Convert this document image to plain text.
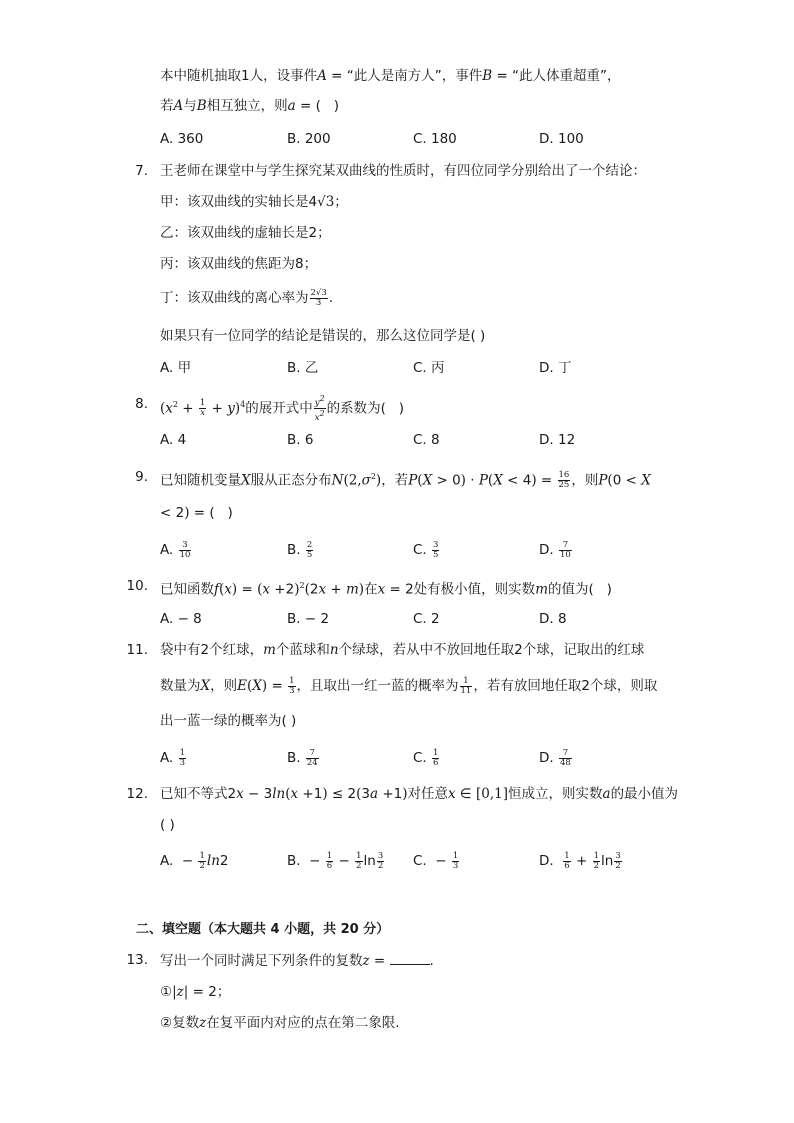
本中随机抽取1人，设事件A = “此人是南方人”，事件B = “此人体重超重”，
若A与B相互独立，则a = (   )
A. 360	B. 200	C. 180	D. 100
7. 王老师在课堂中与学生探究某双曲线的性质时，有四位同学分别给出了一个结论：
甲：该双曲线的实轴长是4√3；
乙：该双曲线的虚轴长是2；
丙：该双曲线的焦距为8；
丁：该双曲线的离心率为 $\frac{2√3}{3}$ .
如果只有一位同学的结论是错误的，那么这位同学是( )
A. 甲	B. 乙	C. 丙	D. 丁
8. $(x^2 + \frac{1}{x} + y)^4$的展开式中 $\frac{y^2}{x^2}$ 的系数为(   )
A. 4	B. 6	C. 8	D. 12
9. 已知随机变量X服从正态分布$N(2,\sigma^2)$，若$P(X > 0) \cdot P(X < 4) = \frac{16}{25}$ ，则P(0 < X
< 2) = (   )
A. $\frac{3}{10}$	B. $\frac{2}{5}$	C. $\frac{3}{5}$	D. $\frac{7}{10}$
10. 已知函数$f(x) = (x +2)^2(2x + m)$在x = 2处有极小值，则实数m的值为(   )
A. − 8	B. − 2	C. 2	D. 8
11. 袋中有2个红球，m个蓝球和n个绿球，若从中不放回地任取2个球，记取出的红球
数量为X，则$E(X) = \frac{1}{3}$ ，且取出一红一蓝的概率为 $\frac{1}{11}$ ，若有放回地任取2个球，则取
出一蓝一绿的概率为( )
A. $\frac{1}{3}$	B. $\frac{7}{24}$	C. $\frac{1}{6}$	D. $\frac{7}{48}$
12. 已知不等式2x − 3ln(x +1) ≤ 2(3a +1)对任意x ∈ [0,1]恒成立，则实数a的最小值为
( )
A.  − $\frac{1}{2} \ln 2$	B.  − $\frac{1}{6} - \frac{1}{2}$ $\ln \frac{3}{2} C$.  − $\frac{1}{3}$	D. $\frac{1}{6} + \frac{1}{2}$ $\ln \frac{3}{2}$
二、填空题（本大题共 4 小题，共 20 分）
13. 写出一个同时满足下列条件的复数z =	.
①|z| = 2；
②复数z在复平面内对应的点在第二象限.
